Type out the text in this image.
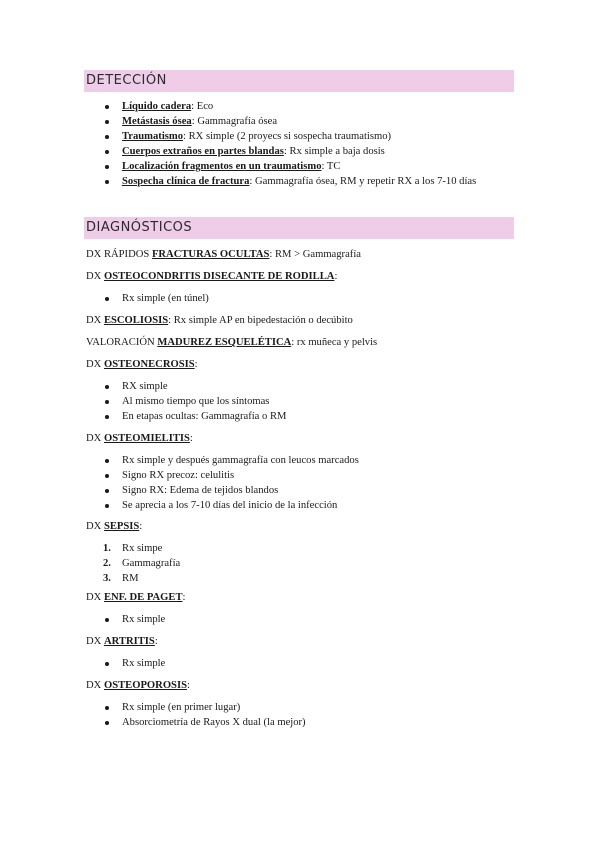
DETECCIÓN
Líquido cadera: Eco
Metástasis ósea: Gammagrafía ósea
Traumatismo: RX simple (2 proyecs si sospecha traumatismo)
Cuerpos extraños en partes blandas: Rx simple a baja dosis
Localización fragmentos en un traumatismo: TC
Sospecha clínica de fractura: Gammagrafía ósea, RM y repetir RX a los 7-10 días
DIAGNÓSTICOS
DX RÁPIDOS FRACTURAS OCULTAS: RM > Gammagrafía
DX OSTEOCONDRITIS DISECANTE DE RODILLA:
Rx simple (en túnel)
DX ESCOLIOSIS: Rx simple AP en bipedestación o decúbito
VALORACIÓN MADUREZ ESQUELÉTICA: rx muñeca y pelvis
DX OSTEONECROSIS:
RX simple
Al mismo tiempo que los síntomas
En etapas ocultas: Gammagrafía o RM
DX OSTEOMIELITIS:
Rx simple y después gammagrafía con leucos marcados
Signo RX precoz: celulitis
Signo RX: Edema de tejidos blandos
Se aprecia a los 7-10 días del inicio de la infección
DX SEPSIS:
1. Rx simpe
2. Gammagrafía
3. RM
DX ENF. DE PAGET:
Rx simple
DX ARTRITIS:
Rx simple
DX OSTEOPOROSIS:
Rx simple (en primer lugar)
Absorciometría de Rayos X dual (la mejor)
